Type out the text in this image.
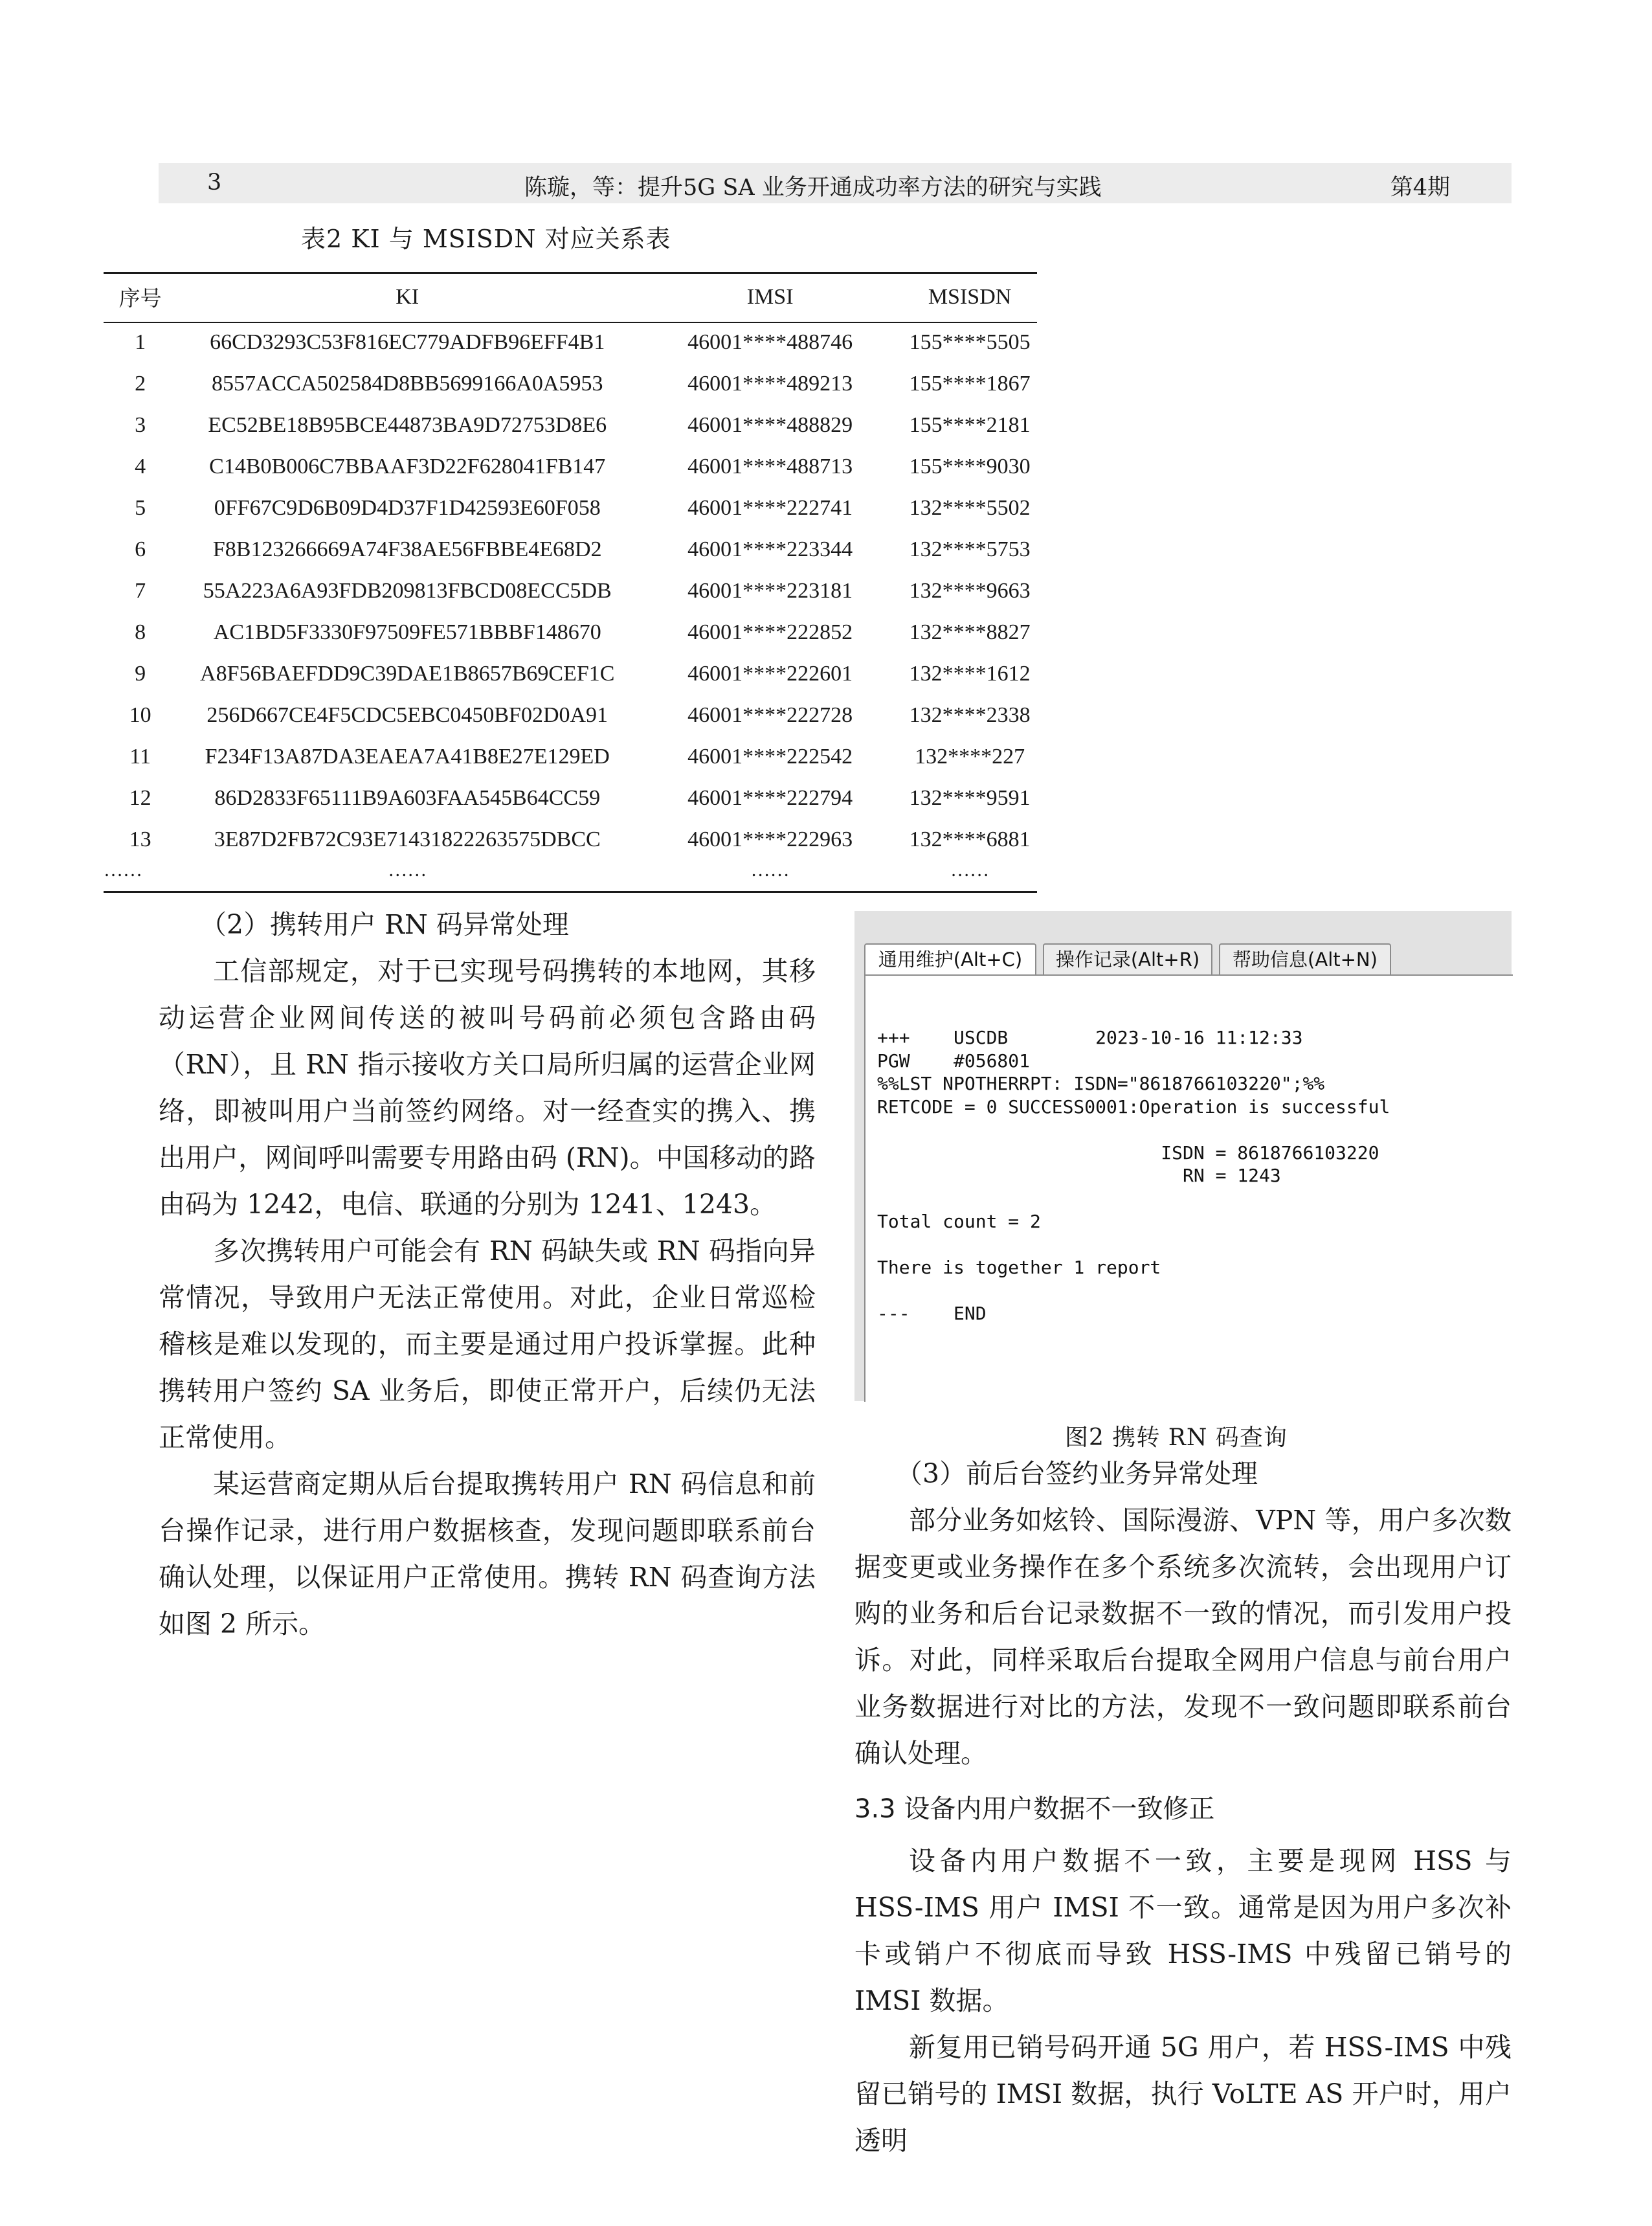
3	陈璇，等：提升5G SA 业务开通成功率方法的研究与实践	第4期
表2 KI 与 MSISDN 对应关系表
序号	KI	IMSI	MSISDN
1	66CD3293C53F816EC779ADFB96EFF4B1	46001****488746	155****5505
2	8557ACCA502584D8BB5699166A0A5953	46001****489213	155****1867
3	EC52BE18B95BCE44873BA9D72753D8E6	46001****488829	155****2181
4	C14B0B006C7BBAAF3D22F628041FB147	46001****488713	155****9030
5	0FF67C9D6B09D4D37F1D42593E60F058	46001****222741	132****5502
6	F8B123266669A74F38AE56FBBE4E68D2	46001****223344	132****5753
7	55A223A6A93FDB209813FBCD08ECC5DB	46001****223181	132****9663
8	AC1BD5F3330F97509FE571BBBF148670	46001****222852	132****8827
9	A8F56BAEFDD9C39DAE1B8657B69CEF1C	46001****222601	132****1612
10	256D667CE4F5CDC5EBC0450BF02D0A91	46001****222728	132****2338
11	F234F13A87DA3EAEA7A41B8E27E129ED	46001****222542	132****227
12	86D2833F65111B9A603FAA545B64CC59	46001****222794	132****9591
13	3E87D2FB72C93E71431822263575DBCC	46001****222963	132****6881
……	……	……	……

（2）携转用户 RN 码异常处理

工信部规定，对于已实现号码携转的本地网，其移动运营企业网间传送的被叫号码前必须包含路由码（RN），且 RN 指示接收方关口局所归属的运营企业网络，即被叫用户当前签约网络。对一经查实的携入、携出用户，网间呼叫需要专用路由码 (RN)。中国移动的路由码为 1242，电信、联通的分别为 1241、1243。

多次携转用户可能会有 RN 码缺失或 RN 码指向异常情况，导致用户无法正常使用。对此，企业日常巡检稽核是难以发现的，而主要是通过用户投诉掌握。此种携转用户签约 SA 业务后，即使正常开户，后续仍无法正常使用。

某运营商定期从后台提取携转用户 RN 码信息和前台操作记录，进行用户数据核查，发现问题即联系前台确认处理，以保证用户正常使用。携转 RN 码查询方法如图 2 所示。

通用维护(Alt+C)	操作记录(Alt+R)	帮助信息(Alt+N)
+++    USCDB        2023-10-16 11:12:33
PGW    #056801
%%LST NPOTHERRPT: ISDN="8618766103220";%%
RETCODE = 0 SUCCESS0001:Operation is successful

ISDN = 8618766103220
RN = 1243

Total count = 2

There is together 1 report

---    END
图2 携转 RN 码查询

（3）前后台签约业务异常处理

部分业务如炫铃、国际漫游、VPN 等，用户多次数据变更或业务操作在多个系统多次流转，会出现用户订购的业务和后台记录数据不一致的情况，而引发用户投诉。对此，同样采取后台提取全网用户信息与前台用户业务数据进行对比的方法，发现不一致问题即联系前台确认处理。

3.3 设备内用户数据不一致修正

设备内用户数据不一致，主要是现网 HSS 与 HSS-IMS 用户 IMSI 不一致。通常是因为用户多次补卡或销户不彻底而导致 HSS-IMS 中残留已销号的 IMSI 数据。

新复用已销号码开通 5G 用户，若 HSS-IMS 中残留已销号的 IMSI 数据，执行 VoLTE AS 开户时，用户透明
